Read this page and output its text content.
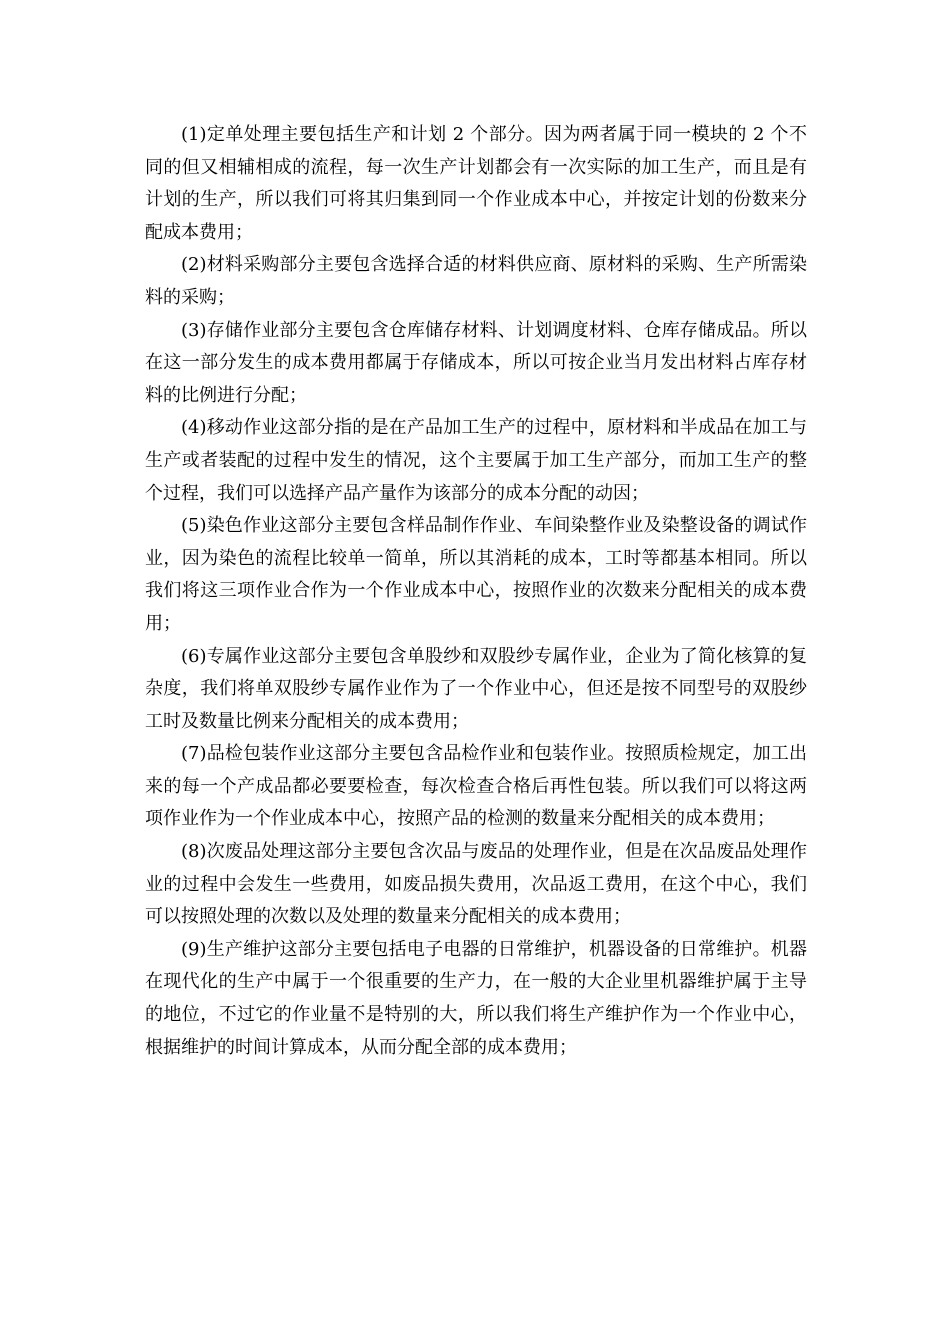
(1)定单处理主要包括生产和计划 2 个部分。因为两者属于同一模块的 2 个不同的但又相辅相成的流程，每一次生产计划都会有一次实际的加工生产，而且是有计划的生产，所以我们可将其归集到同一个作业成本中心，并按定计划的份数来分配成本费用；

(2)材料采购部分主要包含选择合适的材料供应商、原材料的采购、生产所需染料的采购；

(3)存储作业部分主要包含仓库储存材料、计划调度材料、仓库存储成品。所以在这一部分发生的成本费用都属于存储成本，所以可按企业当月发出材料占库存材料的比例进行分配；

(4)移动作业这部分指的是在产品加工生产的过程中，原材料和半成品在加工与生产或者装配的过程中发生的情况，这个主要属于加工生产部分，而加工生产的整个过程，我们可以选择产品产量作为该部分的成本分配的动因；

(5)染色作业这部分主要包含样品制作作业、车间染整作业及染整设备的调试作业，因为染色的流程比较单一简单，所以其消耗的成本，工时等都基本相同。所以我们将这三项作业合作为一个作业成本中心，按照作业的次数来分配相关的成本费用；

(6)专属作业这部分主要包含单股纱和双股纱专属作业，企业为了简化核算的复杂度，我们将单双股纱专属作业作为了一个作业中心，但还是按不同型号的双股纱工时及数量比例来分配相关的成本费用；

(7)品检包装作业这部分主要包含品检作业和包装作业。按照质检规定，加工出来的每一个产成品都必要要检查，每次检查合格后再性包装。所以我们可以将这两项作业作为一个作业成本中心，按照产品的检测的数量来分配相关的成本费用；

(8)次废品处理这部分主要包含次品与废品的处理作业，但是在次品废品处理作业的过程中会发生一些费用，如废品损失费用，次品返工费用，在这个中心，我们可以按照处理的次数以及处理的数量来分配相关的成本费用；

(9)生产维护这部分主要包括电子电器的日常维护，机器设备的日常维护。机器在现代化的生产中属于一个很重要的生产力，在一般的大企业里机器维护属于主导的地位，不过它的作业量不是特别的大，所以我们将生产维护作为一个作业中心，根据维护的时间计算成本，从而分配全部的成本费用；
